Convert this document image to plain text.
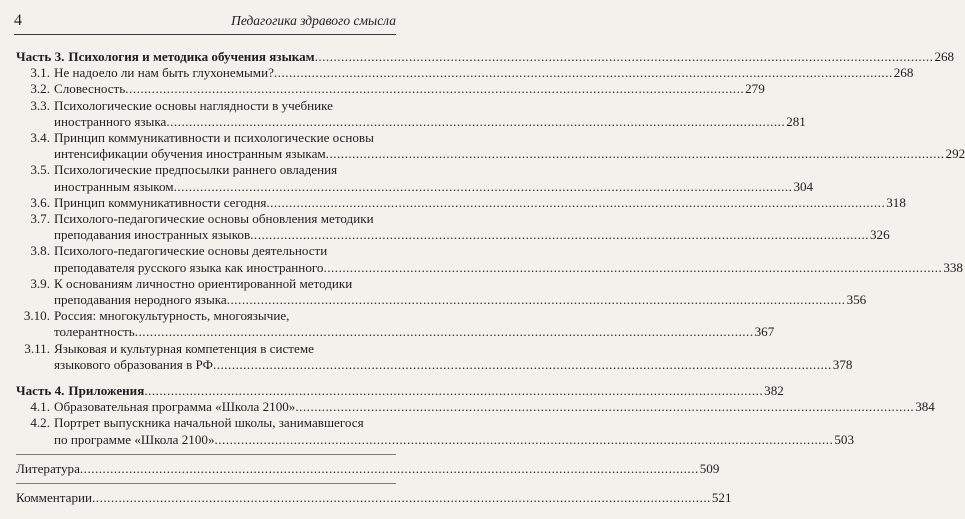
4	Педагогика здравого смысла
Часть 3. Психология и методика обучения языкам .....	268
3.1. Не надоело ли нам быть глухонемыми? .....	268
3.2. Словесность .....	279
3.3. Психологические основы наглядности в учебнике
иностранного языка .....	281
3.4. Принцип коммуникативности и психологические основы
интенсификации обучения иностранным языкам .....	292
3.5. Психологические предпосылки раннего овладения
иностранным языком .....	304
3.6. Принцип коммуникативности сегодня .....	318
3.7. Психолого-педагогические основы обновления методики
преподавания иностранных языков .....	326
3.8. Психолого-педагогические основы деятельности
преподавателя русского языка как иностранного .....	338
3.9. К основаниям личностно ориентированной методики
преподавания неродного языка .....	356
3.10. Россия: многокультурность, многоязычие,
толерантность .....	367
3.11. Языковая и культурная компетенция в системе
языкового образования в РФ .....	378
Часть 4. Приложения .....	382
4.1. Образовательная программа «Школа 2100» .....	384
4.2. Портрет выпускника начальной школы, занимавшегося
по программе «Школа 2100» .....	503
Литература .....	509
Комментарии .....	521
